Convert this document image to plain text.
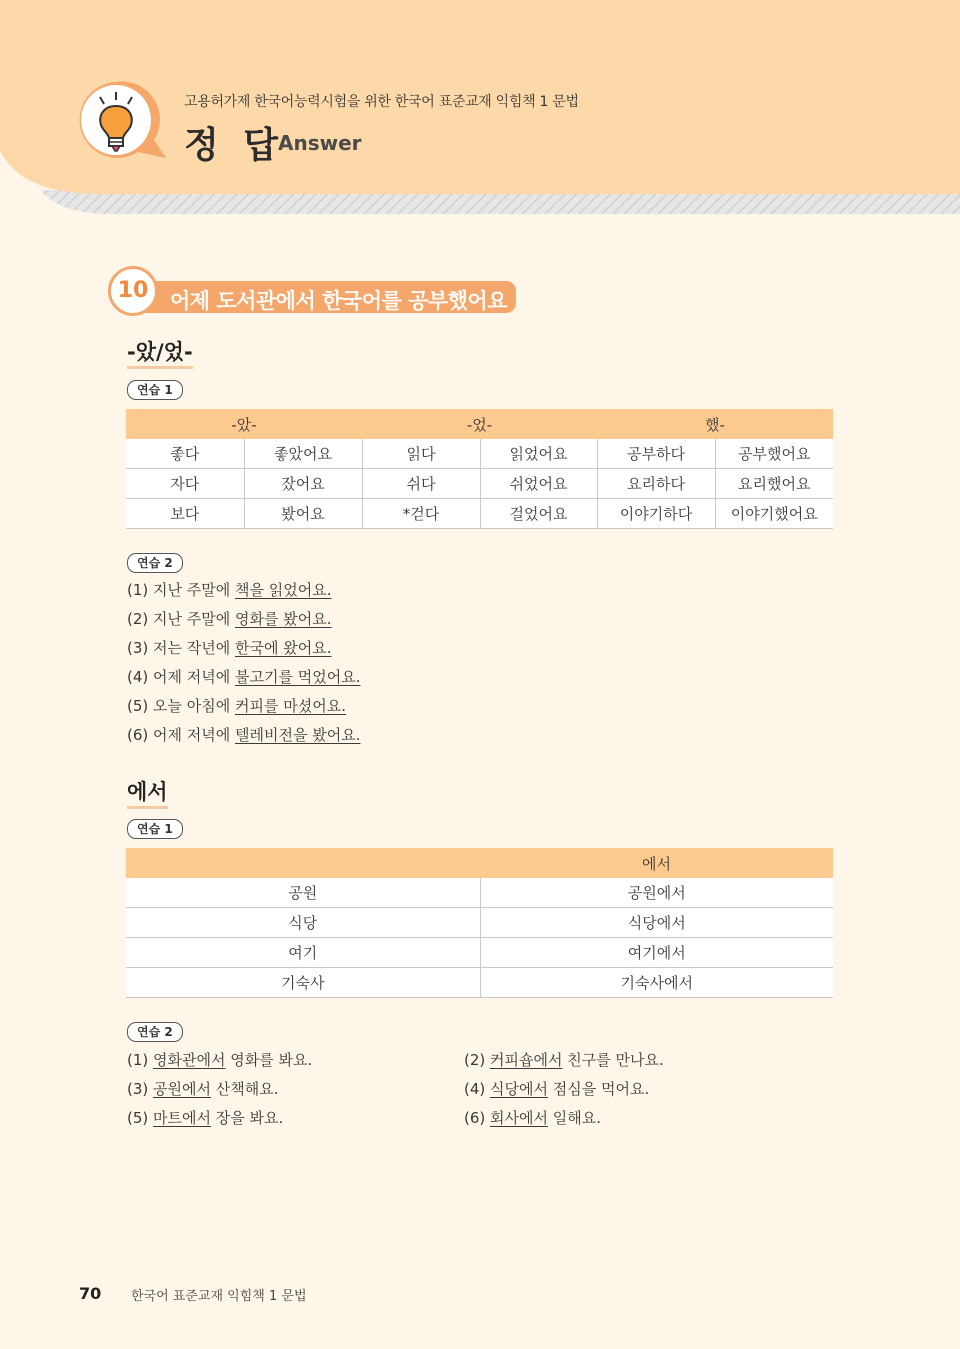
고용허가제 한국어능력시험을 위한 한국어 표준교재 익힘책 1 문법
정 답
Answer
10	어제 도서관에서 한국어를 공부했어요
-았/었-
연습 1
-았-		-었-		했-	
좋다	좋았어요	읽다	읽었어요	공부하다	공부했어요
자다	잤어요	쉬다	쉬었어요	요리하다	요리했어요
보다	봤어요	*걷다	걸었어요	이야기하다	이야기했어요
연습 2
(1) 지난 주말에 책을 읽었어요.
(2) 지난 주말에 영화를 봤어요.
(3) 저는 작년에 한국에 왔어요.
(4) 어제 저녁에 불고기를 먹었어요.
(5) 오늘 아침에 커피를 마셨어요.
(6) 어제 저녁에 텔레비전을 봤어요.
에서
연습 1
	에서
공원	공원에서
식당	식당에서
여기	여기에서
기숙사	기숙사에서
연습 2
(1) 영화관에서 영화를 봐요.
(3) 공원에서 산책해요.
(5) 마트에서 장을 봐요.
(2) 커피숍에서 친구를 만나요.
(4) 식당에서 점심을 먹어요.
(6) 회사에서 일해요.
70 한국어 표준교재 익힘책 1 문법
